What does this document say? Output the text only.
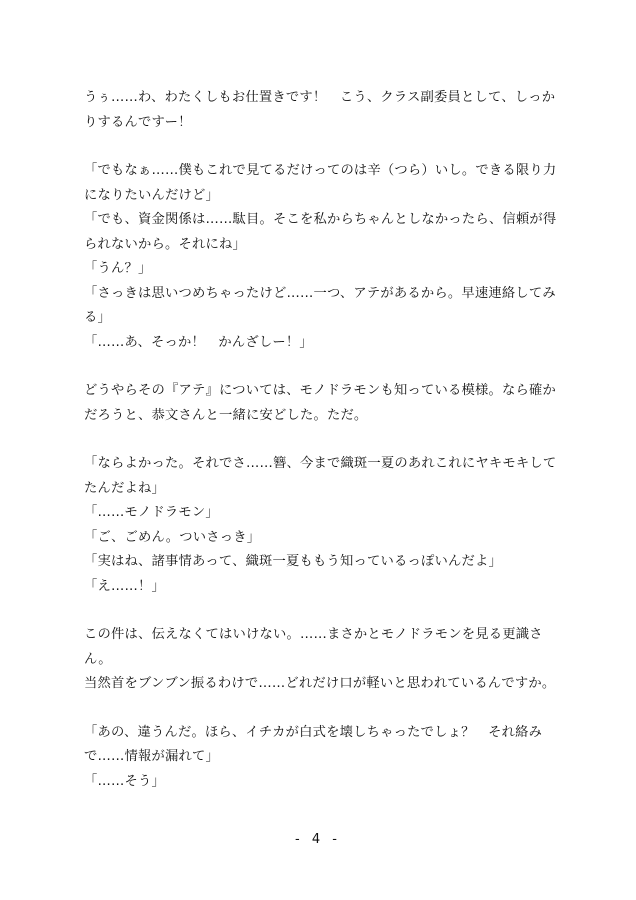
うぅ……わ、わたくしもお仕置きです！　こう、クラス副委員として、しっかりするんですー！

「でもなぁ……僕もこれで見てるだけってのは辛（つら）いし。できる限り力になりたいんだけど」

「でも、資金関係は……駄目。そこを私からちゃんとしなかったら、信頼が得られないから。それにね」

「うん？」

「さっきは思いつめちゃったけど……一つ、アテがあるから。早速連絡してみる」

「……あ、そっか！　かんざしー！」

どうやらその『アテ』については、モノドラモンも知っている模様。なら確かだろうと、恭文さんと一緒に安どした。ただ。

「ならよかった。それでさ……簪、今まで織斑一夏のあれこれにヤキモキしてたんだよね」

「……モノドラモン」

「ご、ごめん。ついさっき」

「実はね、諸事情あって、織斑一夏ももう知っているっぽいんだよ」

「え……！」

この件は、伝えなくてはいけない。……まさかとモノドラモンを見る更識さん。

当然首をブンブン振るわけで……どれだけ口が軽いと思われているんですか。

「あの、違うんだ。ほら、イチカが白式を壊しちゃったでしょ？　それ絡みで……情報が漏れて」

「……そう」

- 4 -
